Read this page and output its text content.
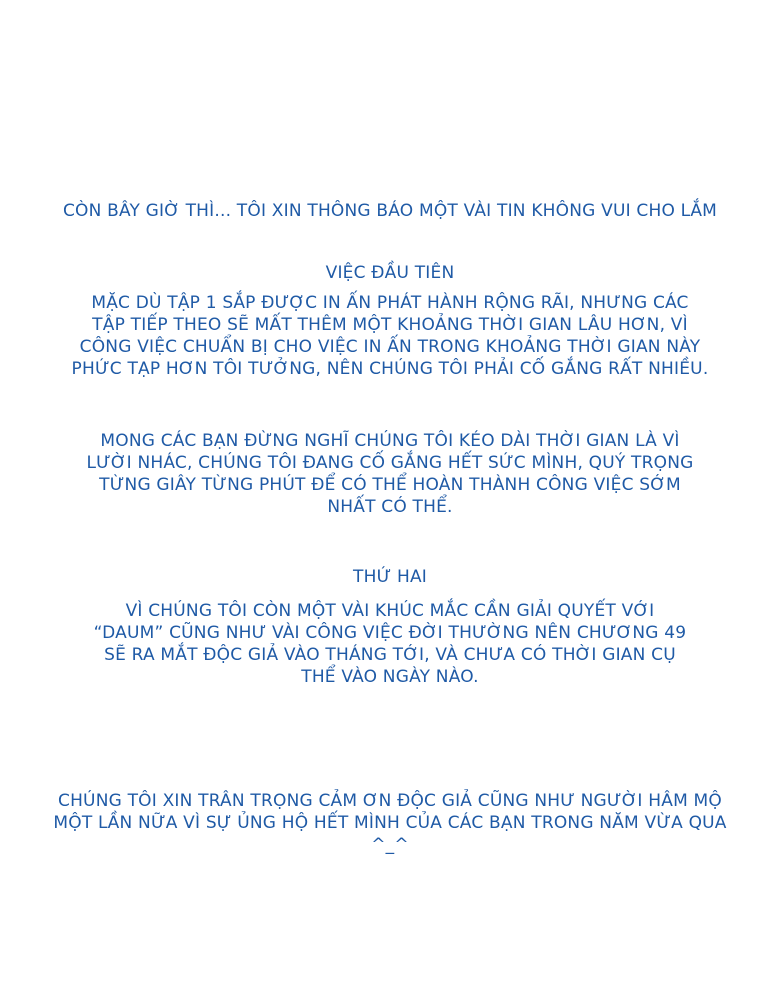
CÒN BÂY GIỜ THÌ... TÔI XIN THÔNG BÁO MỘT VÀI TIN KHÔNG VUI CHO LẮM
VIỆC ĐẦU TIÊN
MẶC DÙ TẬP 1 SẮP ĐƯỢC IN ẤN PHÁT HÀNH RỘNG RÃI, NHƯNG CÁC
TẬP TIẾP THEO SẼ MẤT THÊM MỘT KHOẢNG THỜI GIAN LÂU HƠN, VÌ
CÔNG VIỆC CHUẨN BỊ CHO VIỆC IN ẤN TRONG KHOẢNG THỜI GIAN NÀY
PHỨC TẠP HƠN TÔI TƯỞNG, NÊN CHÚNG TÔI PHẢI CỐ GẮNG RẤT NHIỀU.
MONG CÁC BẠN ĐỪNG NGHĨ CHÚNG TÔI KÉO DÀI THỜI GIAN LÀ VÌ
LƯỜI NHÁC, CHÚNG TÔI ĐANG CỐ GẮNG HẾT SỨC MÌNH, QUÝ TRỌNG
TỪNG GIÂY TỪNG PHÚT ĐỂ CÓ THỂ HOÀN THÀNH CÔNG VIỆC SỚM
NHẤT CÓ THỂ.
THỨ HAI
VÌ CHÚNG TÔI CÒN MỘT VÀI KHÚC MẮC CẦN GIẢI QUYẾT VỚI
“DAUM” CŨNG NHƯ VÀI CÔNG VIỆC ĐỜI THƯỜNG NÊN CHƯƠNG 49
SẼ RA MẮT ĐỘC GIẢ VÀO THÁNG TỚI, VÀ CHƯA CÓ THỜI GIAN CỤ
THỂ VÀO NGÀY NÀO.
CHÚNG TÔI XIN TRÂN TRỌNG CẢM ƠN ĐỘC GIẢ CŨNG NHƯ NGƯỜI HÂM MỘ
MỘT LẦN NỮA VÌ SỰ ỦNG HỘ HẾT MÌNH CỦA CÁC BẠN TRONG NĂM VỪA QUA
^_^
